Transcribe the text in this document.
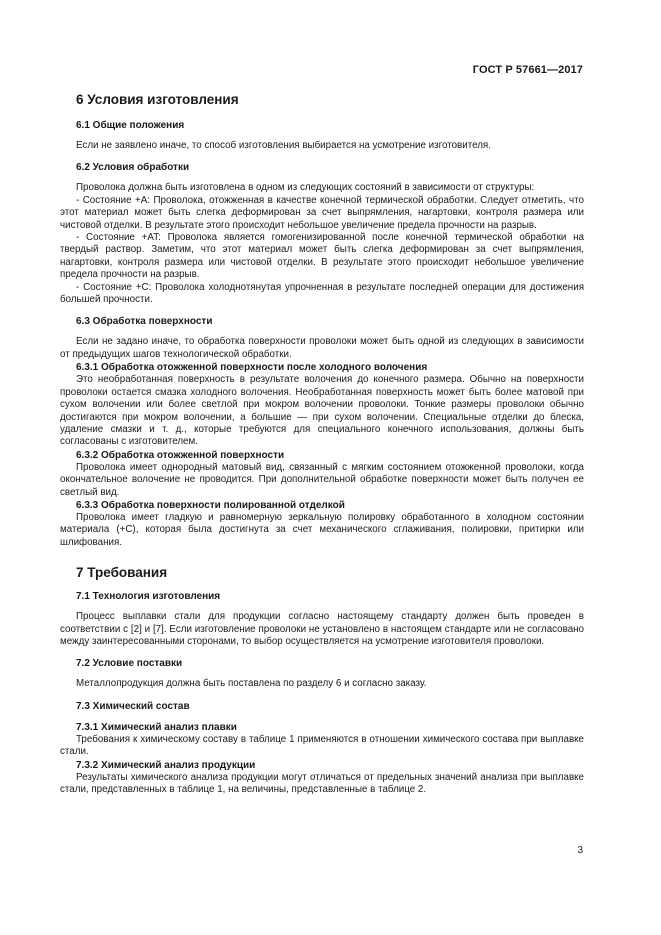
ГОСТ Р 57661—2017
6 Условия изготовления
6.1 Общие положения

Если не заявлено иначе, то способ изготовления выбирается на усмотрение изготовителя.

6.2 Условия обработки

Проволока должна быть изготовлена в одном из следующих состояний в зависимости от структуры:

- Состояние +A: Проволока, отожженная в качестве конечной термической обработки. Следует отметить, что этот материал может быть слегка деформирован за счет выпрямления, нагартовки, контроля размера или чистовой отделки. В результате этого происходит небольшое увеличение предела прочности на разрыв.

- Состояние +AT: Проволока является гомогенизированной после конечной термической обработки на твердый раствор. Заметим, что этот материал может быть слегка деформирован за счет выпрямления, нагартовки, контроля размера или чистовой отделки. В результате этого происходит небольшое увеличение предела прочности на разрыв.

- Состояние +C: Проволока холоднотянутая упрочненная в результате последней операции для достижения большей прочности.

6.3 Обработка поверхности

Если не задано иначе, то обработка поверхности проволоки может быть одной из следующих в зависимости от предыдущих шагов технологической обработки.

6.3.1 Обработка отожженной поверхности после холодного волочения

Это необработанная поверхность в результате волочения до конечного размера. Обычно на поверхности проволоки остается смазка холодного волочения. Необработанная поверхность может быть более матовой при сухом волочении или более светлой при мокром волочении проволоки. Тонкие размеры проволоки обычно достигаются при мокром волочении, а большие — при сухом волочении. Специальные отделки до блеска, удаление смазки и т. д., которые требуются для специального конечного использования, должны быть согласованы с изготовителем.

6.3.2 Обработка отожженной поверхности

Проволока имеет однородный матовый вид, связанный с мягким состоянием отожженной проволоки, когда окончательное волочение не проводится. При дополнительной обработке поверхности может быть получен ее светлый вид.

6.3.3 Обработка поверхности полированной отделкой

Проволока имеет гладкую и равномерную зеркальную полировку обработанного в холодном состоянии материала (+C), которая была достигнута за счет механического сглаживания, полировки, притирки или шлифования.

7 Требования
7.1 Технология изготовления

Процесс выплавки стали для продукции согласно настоящему стандарту должен быть проведен в соответствии с [2] и [7]. Если изготовление проволоки не установлено в настоящем стандарте или не согласовано между заинтересованными сторонами, то выбор осуществляется на усмотрение изготовителя проволоки.

7.2 Условие поставки

Металлопродукция должна быть поставлена по разделу 6 и согласно заказу.

7.3 Химический состав
7.3.1 Химический анализ плавки

Требования к химическому составу в таблице 1 применяются в отношении химического состава при выплавке стали.

7.3.2 Химический анализ продукции

Результаты химического анализа продукции могут отличаться от предельных значений анализа при выплавке стали, представленных в таблице 1, на величины, представленные в таблице 2.

3
